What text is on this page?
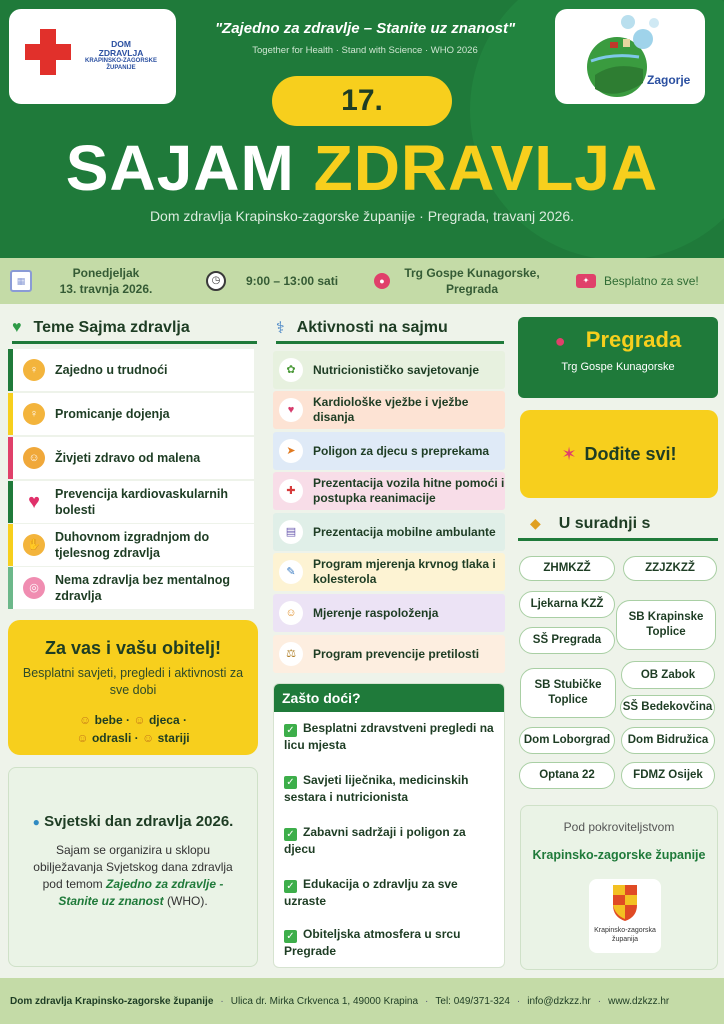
DOM
ZDRAVLJA
KRAPINSKO-ZAGORSKE
ŽUPANIJE
"Zajedno za zdravlje – Stanite uz znanost"
Together for Health · Stand with Science · WHO 2026
Zagorje
17.
SAJAM ZDRAVLJA
Dom zdravlja Krapinsko-zagorske županije · Pregrada, travanj 2026.
▦
Ponedjeljak
13. travnja 2026.
◷	9:00 – 13:00 sati	●
Trg Gospe Kunagorske,
Pregrada
✦	Besplatno za sve!
♥ Teme Sajma zdravlja
♀	Zajedno u trudnoći
♀	Promicanje dojenja
☺	Živjeti zdravo od malena
♥	Prevencija kardiovaskularnih bolesti
✋
Duhovnom izgradnjom do tjelesnog zdravlja
◎
Nema zdravlja bez mentalnog zdravlja
Za vas i vašu obitelj!
Besplatni savjeti, pregledi i aktivnosti za sve dobi
☺ bebe · ☺ djeca ·
☺ odrasli · ☺ stariji
● Svjetski dan zdravlja 2026.
Sajam se organizira u sklopu obilježavanja Svjetskog dana zdravlja pod temom Zajedno za zdravlje - Stanite uz znanost (WHO).
⚕ Aktivnosti na sajmu
✿	Nutricionističko savjetovanje
♥
Kardiološke vježbe i vježbe disanja
➤	Poligon za djecu s preprekama
✚
Prezentacija vozila hitne pomoći i postupka reanimacije
▤	Prezentacija mobilne ambulante
✎
Program mjerenja krvnog tlaka i kolesterola
☺	Mjerenje raspoloženja
⚖	Program prevencije pretilosti
Zašto doći?
✓ Besplatni zdravstveni pregledi na licu mjesta
✓ Savjeti liječnika, medicinskih sestara i nutricionista
✓ Zabavni sadržaji i poligon za djecu
✓ Edukacija o zdravlju za sve uzraste
✓ Obiteljska atmosfera u srcu Pregrade
● Pregrada
Trg Gospe Kunagorske
✶ Dođite svi!
◆ U suradnji s
ZHMKZŽ	ZZJZKZŽ
Ljekarna KZŽ
SB Krapinske Toplice
SŠ Pregrada
OB Zabok
SB Stubičke Toplice
SŠ Bedekovčina
Dom Loborgrad	Dom Bidružica
Optana 22	FDMZ Osijek
Pod pokroviteljstvom
Krapinsko-zagorske županije
Krapinsko-zagorska
županija
Dom zdravlja Krapinsko-zagorske županije · Ulica dr. Mirka Crkvenca 1, 49000 Krapina · Tel: 049/371-324 · info@dzkzz.hr · www.dzkzz.hr
